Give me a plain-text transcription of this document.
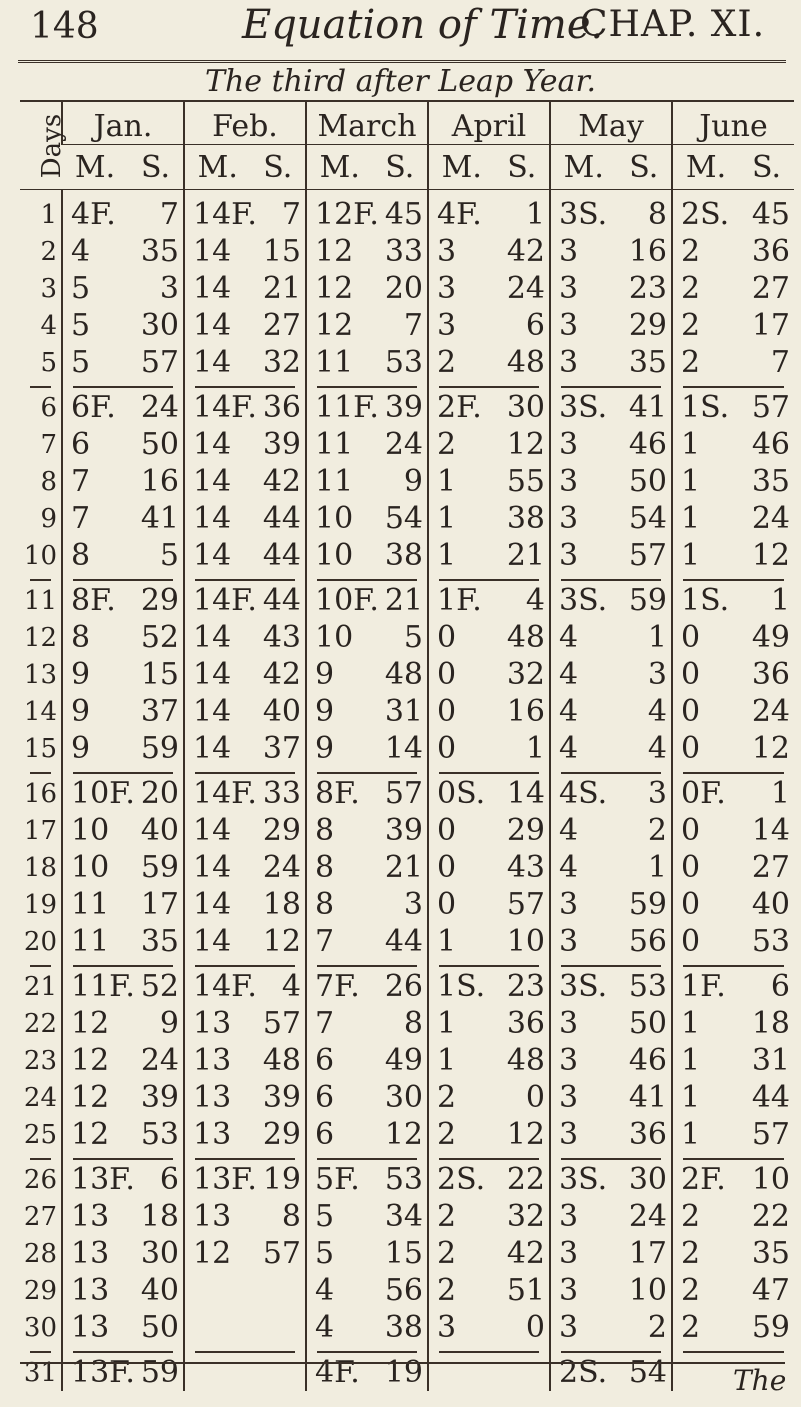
148	Equation of Time.
CHAP. XI.
The third after Leap Year.
Days	Jan.	Feb.	March	April	May	June

	M. S.	M. S.	M. S.	M. S.	M. S.	M. S.

1	4F. 7	14F. 7	12F. 45	4F. 1	3S. 8	2S. 45

2	4 35	14 15	12 33	3 42	3 16	2 36

3	5 3	14 21	12 20	3 24	3 23	2 27

4	5 30	14 27	12 7	3 6	3 29	2 17

5	5 57	14 32	11 53	2 48	3 35	2 7

6	6F. 24	14F. 36	11F. 39	2F. 30	3S. 41	1S. 57

7	6 50	14 39	11 24	2 12	3 46	1 46

8	7 16	14 42	11 9	1 55	3 50	1 35

9	7 41	14 44	10 54	1 38	3 54	1 24

10	8 5	14 44	10 38	1 21	3 57	1 12

11	8F. 29	14F. 44	10F. 21	1F. 4	3S. 59	1S. 1

12	8 52	14 43	10 5	0 48	4 1	0 49

13	9 15	14 42	9 48	0 32	4 3	0 36

14	9 37	14 40	9 31	0 16	4 4	0 24

15	9 59	14 37	9 14	0 1	4 4	0 12

16	10F. 20	14F. 33	8F. 57	0S. 14	4S. 3	0F. 1

17	10 40	14 29	8 39	0 29	4 2	0 14

18	10 59	14 24	8 21	0 43	4 1	0 27

19	11 17	14 18	8 3	0 57	3 59	0 40

20	11 35	14 12	7 44	1 10	3 56	0 53

21	11F. 52	14F. 4	7F. 26	1S. 23	3S. 53	1F. 6

22	12 9	13 57	7 8	1 36	3 50	1 18

23	12 24	13 48	6 49	1 48	3 46	1 31

24	12 39	13 39	6 30	2 0	3 41	1 44

25	12 53	13 29	6 12	2 12	3 36	1 57

26	13F. 6	13F. 19	5F. 53	2S. 22	3S. 30	2F. 10

27	13 18	13 8	5 34	2 32	3 24	2 22

28	13 30	12 57	5 15	2 42	3 17	2 35

29	13 40		4 56	2 51	3 10	2 47

30	13 50		4 38	3 0	3 2	2 59

31	13F. 59		4F. 19		2S. 54	
	The
